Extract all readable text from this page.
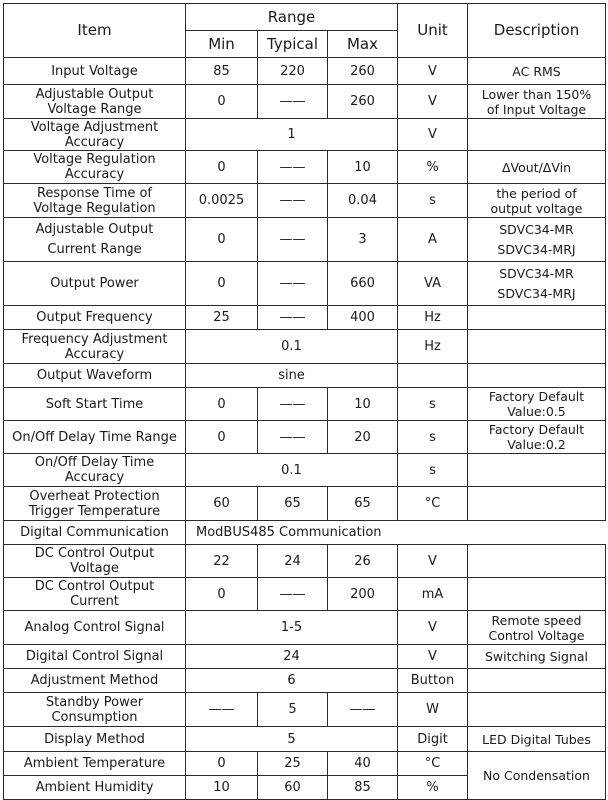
Item	Range			Unit	Description
	Min	Typical	Max		
Input Voltage	85	220	260	V	AC RMS
Adjustable Output
Voltage Range	0	——	260	V	Lower than 150%
of Input Voltage
Voltage Adjustment
Accuracy	1			V	
Voltage Regulation
Accuracy	0	——	10	%	ΔVout/ΔVin
Response Time of
Voltage Regulation	0.0025	——	0.04	s	the period of
output voltage
Adjustable Output
Current Range	0	——	3	A	SDVC34-MR
SDVC34-MRJ
Output Power	0	——	660	VA	SDVC34-MR
SDVC34-MRJ
Output Frequency	25	——	400	Hz	
Frequency Adjustment
Accuracy	0.1			Hz	
Output Waveform	sine				
Soft Start Time	0	——	10	s	Factory Default
Value:0.5
On/Off Delay Time Range	0	——	20	s	Factory Default
Value:0.2
On/Off Delay Time
Accuracy	0.1			s	
Overheat Protection
Trigger Temperature	60	65	65	°C	
Digital Communication	ModBUS485 Communication				
DC Control Output
Voltage	22	24	26	V	
DC Control Output
Current	0	——	200	mA	
Analog Control Signal	1-5			V	Remote speed
Control Voltage
Digital Control Signal	24			V	Switching Signal
Adjustment Method	6			Button	
Standby Power
Consumption	——	5	——	W	
Display Method	5			Digit	LED Digital Tubes
Ambient Temperature	0	25	40	°C	No Condensation
Ambient Humidity	10	60	85	%	
